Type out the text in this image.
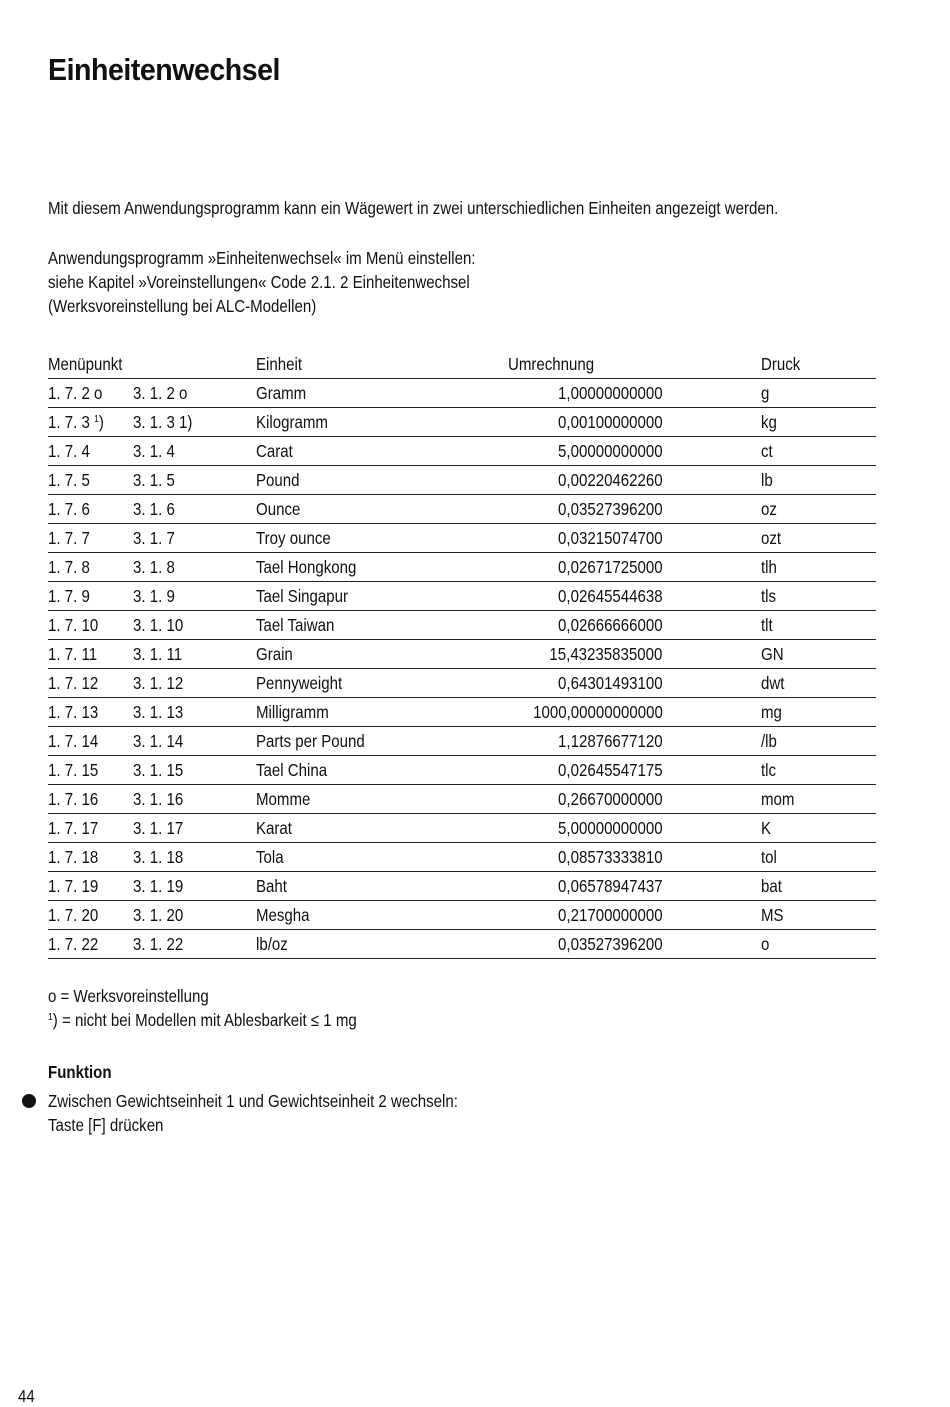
Einheitenwechsel
Mit diesem Anwendungsprogramm kann ein Wägewert in zwei unterschiedlichen Einheiten angezeigt werden.
Anwendungsprogramm »Einheitenwechsel« im Menü einstellen:
siehe Kapitel »Voreinstellungen« Code 2.1. 2 Einheitenwechsel
(Werksvoreinstellung bei ALC-Modellen)
Menüpunkt		Einheit	Umrechnung	Druck
1. 7. 2 o	3. 1. 2 o	Gramm	1,00000000000	g
1. 7. 3 $^1$)	3. 1. 3 1)	Kilogramm	0,00100000000	kg
1. 7. 4	3. 1. 4	Carat	5,00000000000	ct
1. 7. 5	3. 1. 5	Pound	0,00220462260	lb
1. 7. 6	3. 1. 6	Ounce	0,03527396200	oz
1. 7. 7	3. 1. 7	Troy ounce	0,03215074700	ozt
1. 7. 8	3. 1. 8	Tael Hongkong	0,02671725000	tlh
1. 7. 9	3. 1. 9	Tael Singapur	0,02645544638	tls
1. 7. 10	3. 1. 10	Tael Taiwan	0,02666666000	tlt
1. 7. 11	3. 1. 11	Grain	15,43235835000	GN
1. 7. 12	3. 1. 12	Pennyweight	0,64301493100	dwt
1. 7. 13	3. 1. 13	Milligramm	1000,00000000000	mg
1. 7. 14	3. 1. 14	Parts per Pound	1,12876677120	/lb
1. 7. 15	3. 1. 15	Tael China	0,02645547175	tlc
1. 7. 16	3. 1. 16	Momme	0,26670000000	mom
1. 7. 17	3. 1. 17	Karat	5,00000000000	K
1. 7. 18	3. 1. 18	Tola	0,08573333810	tol
1. 7. 19	3. 1. 19	Baht	0,06578947437	bat
1. 7. 20	3. 1. 20	Mesgha	0,21700000000	MS
1. 7. 22	3. 1. 22	lb/oz	0,03527396200	o
o = Werksvoreinstellung
$^1$) = nicht bei Modellen mit Ablesbarkeit ≤ 1 mg
Funktion
Zwischen Gewichtseinheit 1 und Gewichtseinheit 2 wechseln:
Taste [F] drücken
44
